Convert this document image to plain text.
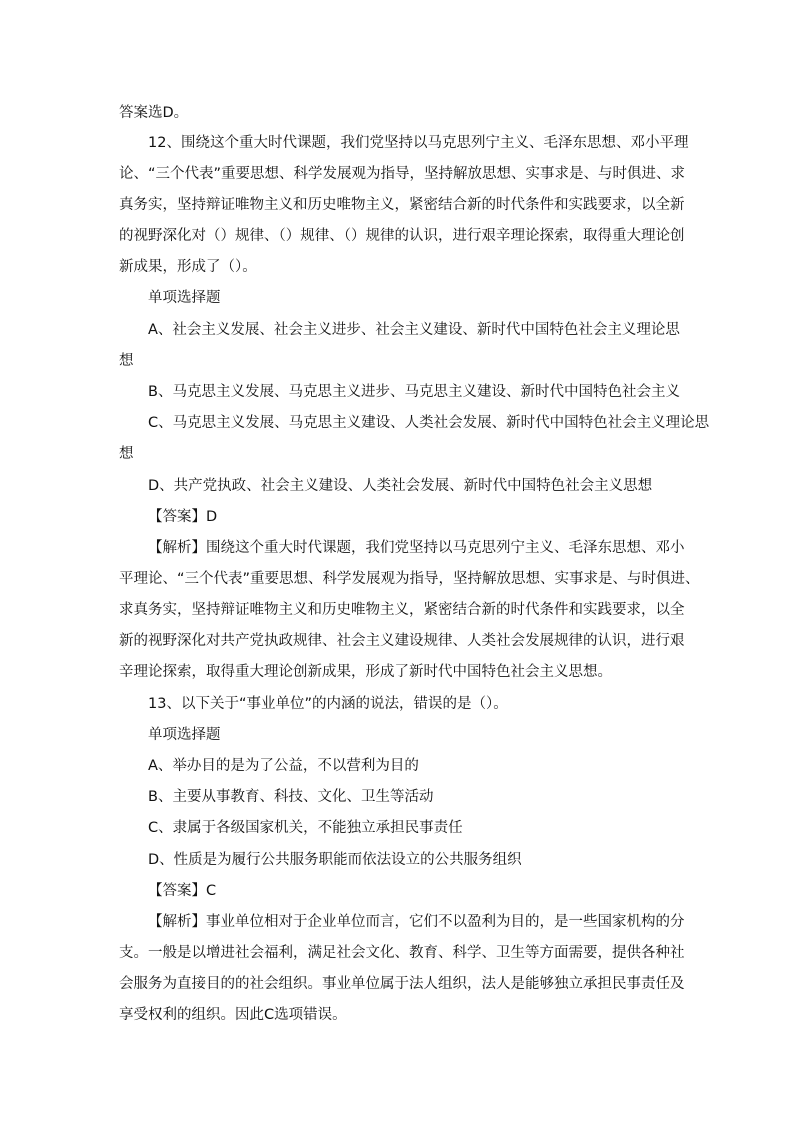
答案选D。
12、围绕这个重大时代课题，我们党坚持以马克思列宁主义、毛泽东思想、邓小平理
论、“三个代表”重要思想、科学发展观为指导，坚持解放思想、实事求是、与时俱进、求
真务实，坚持辩证唯物主义和历史唯物主义，紧密结合新的时代条件和实践要求，以全新
的视野深化对（）规律、（）规律、（）规律的认识，进行艰辛理论探索，取得重大理论创
新成果，形成了（）。
单项选择题
A、社会主义发展、社会主义进步、社会主义建设、新时代中国特色社会主义理论思
想
B、马克思主义发展、马克思主义进步、马克思主义建设、新时代中国特色社会主义
C、马克思主义发展、马克思主义建设、人类社会发展、新时代中国特色社会主义理论思
想
D、共产党执政、社会主义建设、人类社会发展、新时代中国特色社会主义思想
【答案】D
【解析】围绕这个重大时代课题，我们党坚持以马克思列宁主义、毛泽东思想、邓小
平理论、“三个代表”重要思想、科学发展观为指导，坚持解放思想、实事求是、与时俱进、
求真务实，坚持辩证唯物主义和历史唯物主义，紧密结合新的时代条件和实践要求，以全
新的视野深化对共产党执政规律、社会主义建设规律、人类社会发展规律的认识，进行艰
辛理论探索，取得重大理论创新成果，形成了新时代中国特色社会主义思想。
13、以下关于“事业单位”的内涵的说法，错误的是（）。
单项选择题
A、举办目的是为了公益，不以营利为目的
B、主要从事教育、科技、文化、卫生等活动
C、隶属于各级国家机关，不能独立承担民事责任
D、性质是为履行公共服务职能而依法设立的公共服务组织
【答案】C
【解析】事业单位相对于企业单位而言，它们不以盈利为目的，是一些国家机构的分
支。一般是以增进社会福利，满足社会文化、教育、科学、卫生等方面需要，提供各种社
会服务为直接目的的社会组织。事业单位属于法人组织，法人是能够独立承担民事责任及
享受权利的组织。因此C选项错误。
